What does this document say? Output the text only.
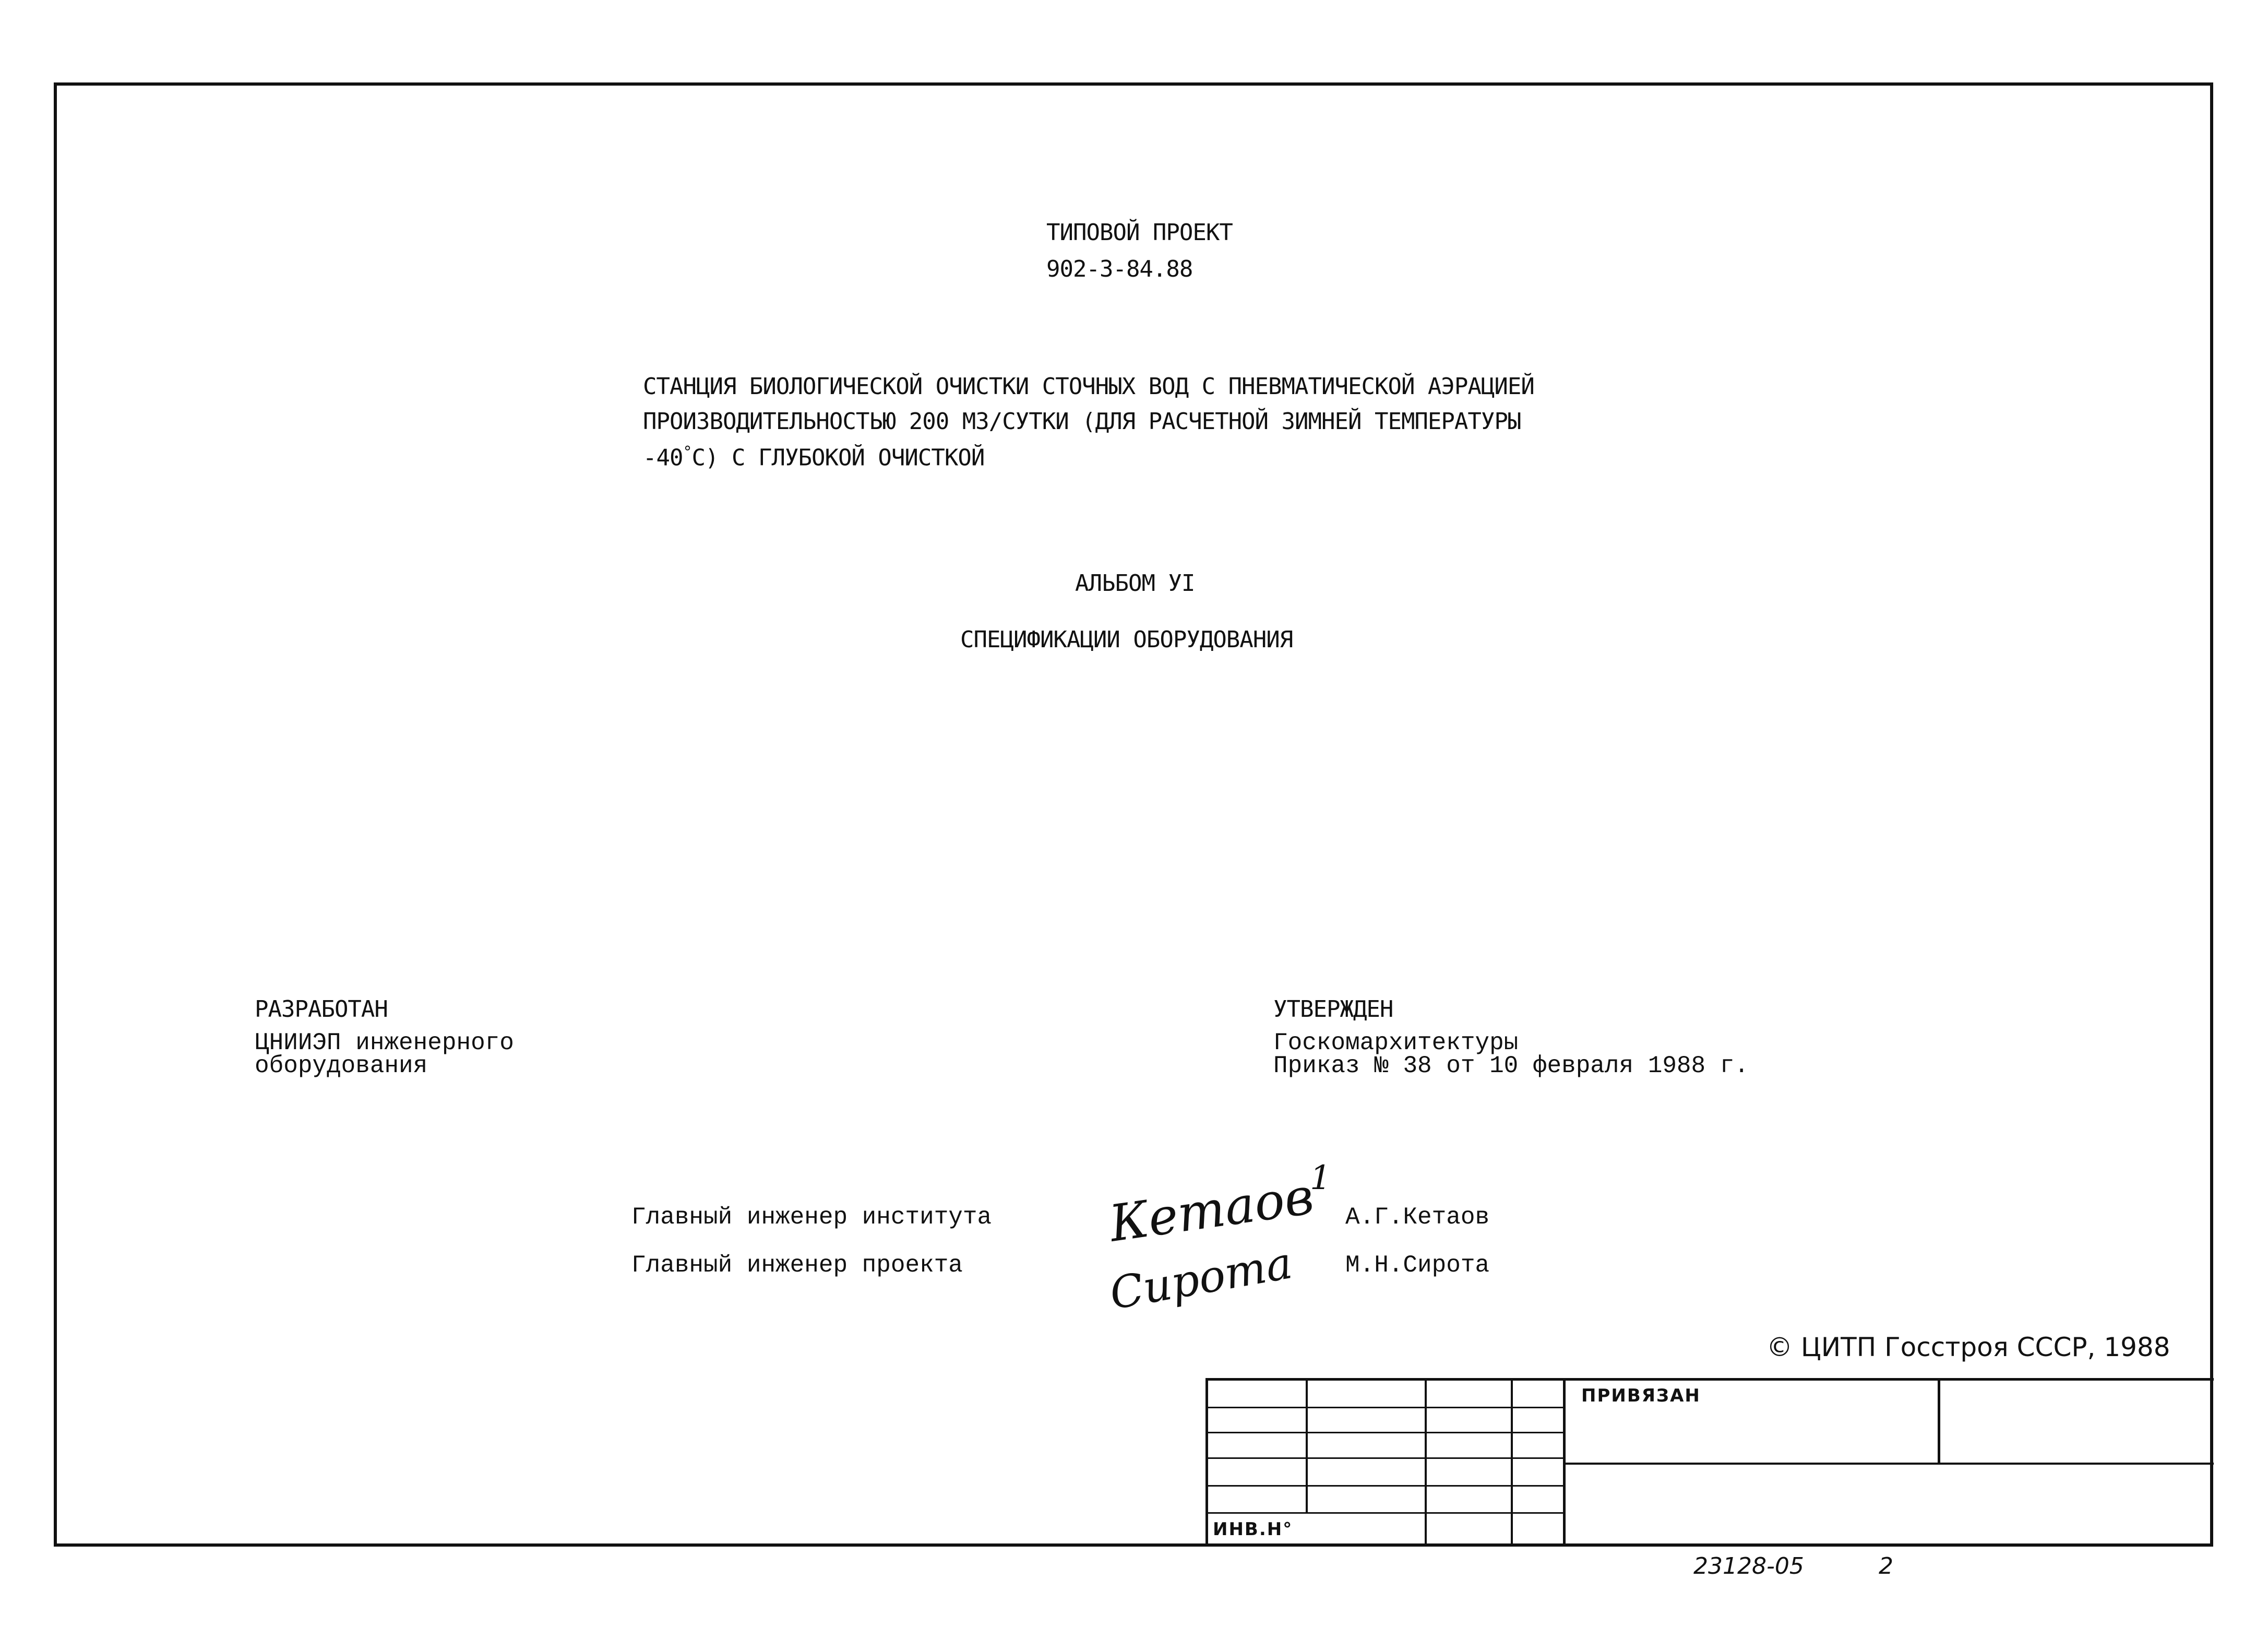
ТИПОВОЙ ПРОЕКТ
902-3-84.88
СТАНЦИЯ БИОЛОГИЧЕСКОЙ ОЧИСТКИ СТОЧНЫХ ВОД С ПНЕВМАТИЧЕСКОЙ АЭРАЦИЕЙ
ПРОИЗВОДИТЕЛЬНОСТЬЮ 200 М3/СУТКИ (ДЛЯ РАСЧЕТНОЙ ЗИМНЕЙ ТЕМПЕРАТУРЫ
-40°С) С ГЛУБОКОЙ ОЧИСТКОЙ
АЛЬБОМ УI
СПЕЦИФИКАЦИИ ОБОРУДОВАНИЯ
РАЗРАБОТАН
ЦНИИЭП инженерного
оборудования
УТВЕРЖДЕН
Госкомархитектуры
Приказ № 38 от 10 февраля 1988 г.
Главный инженер института
Главный инженер проекта
А.Г.Кетаов
М.Н.Сирота
Кетаов
Сирота
1
© ЦИТП Госстроя СССР, 1988
ПРИВЯЗАН
ИНВ.Н°
23128-05	2
